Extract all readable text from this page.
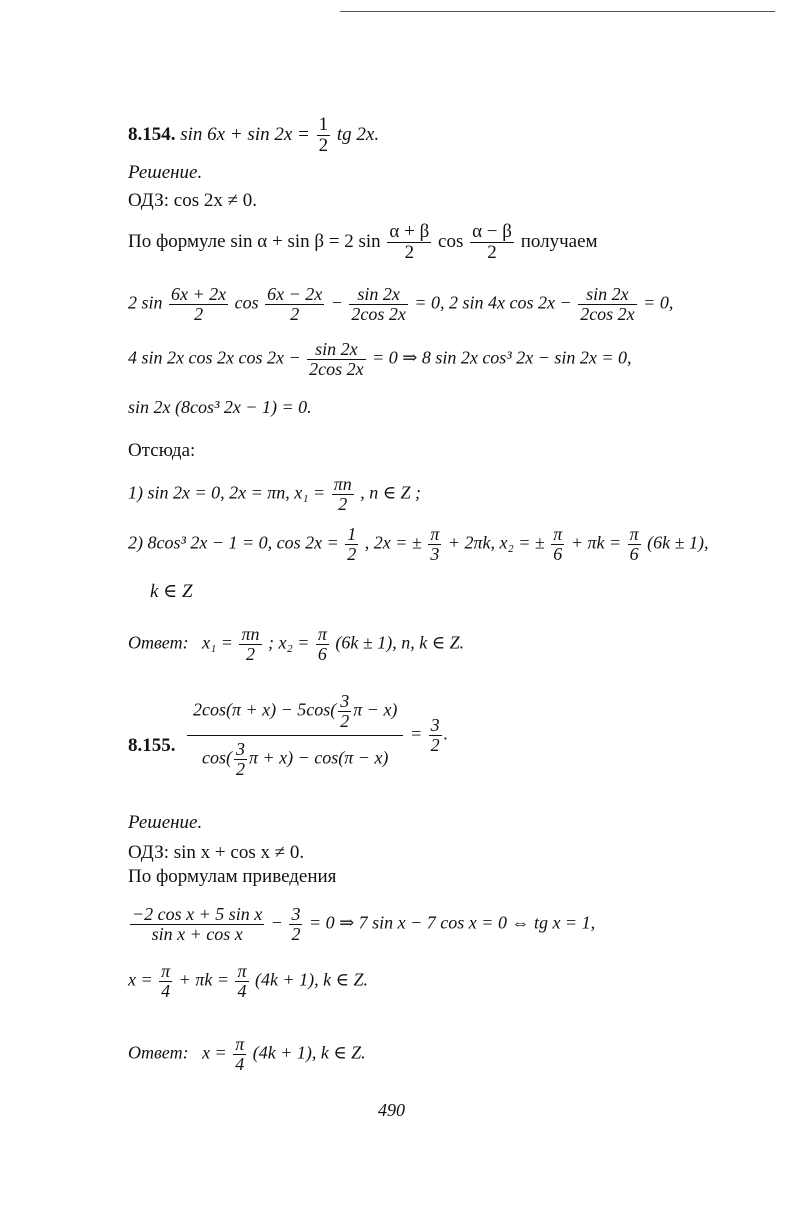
8.154. $\sin 6x + \sin 2x = \frac{1}{2}$ tg 2x.
Решение.
ОДЗ: cos 2x ≠ 0.
По формуле sin α + sin β = 2 $\sin \frac{\alpha + \beta}{2}$ $\cos \frac{\alpha - \beta}{2}$ получаем
2 $\sin \frac{6x + 2x}{2}$ $\cos \frac{6x - 2x}{2} - \frac{\sin 2x}{2\cos 2x} = 0$, 2 sin 4x $\cos 2x - \frac{\sin 2x}{2\cos 2x} = 0$,
4 sin 2x cos 2x $\cos 2x - \frac{\sin 2x}{2\cos 2x} = 0$ ⇒ 8 sin 2x cos³ 2x − sin 2x = 0,
sin 2x (8cos³ 2x − 1) = 0.
Отсюда:
1) sin 2x = 0, 2x = πn, $x_1 = \frac{\pi n}{2}$ , n ∈ Z ;
2) 8cos³ 2x − 1 = 0, $\cos 2x = \frac{1}{2}$ , 2x = ± $\frac{\pi}{3} + 2\pi k$, x₂ = ± $\frac{\pi}{6} + \pi k = \frac{\pi}{6} (6k \pm 1)$,
k ∈ Z
Ответ: $x_1 = \frac{\pi n}{2}$ ; $x_2 = \frac{\pi}{6} (6k \pm 1)$, n, k ∈ Z.
8.155. $\frac{2\cos(\pi + x) - 5\cos( \frac{3}{2} \pi - x)}{\cos( \frac{3}{2} \pi + x) - \cos(\pi - x)} = \frac{3}{2}$ .
Решение.
ОДЗ: sin x + cos x ≠ 0.
По формулам приведения
$\frac{\text{−2 cos x + 5 sin x}}{\text{sin x + cos x}} - \frac{3}{2} = 0$ ⇒ 7 sin x − 7 cos x = 0 ⇔ tg x = 1,
$x = \frac{\pi}{4} + \pi k = \frac{\pi}{4} (4k + 1)$, k ∈ Z.
Ответ: $x = \frac{\pi}{4} (4k + 1)$, k ∈ Z.
490
